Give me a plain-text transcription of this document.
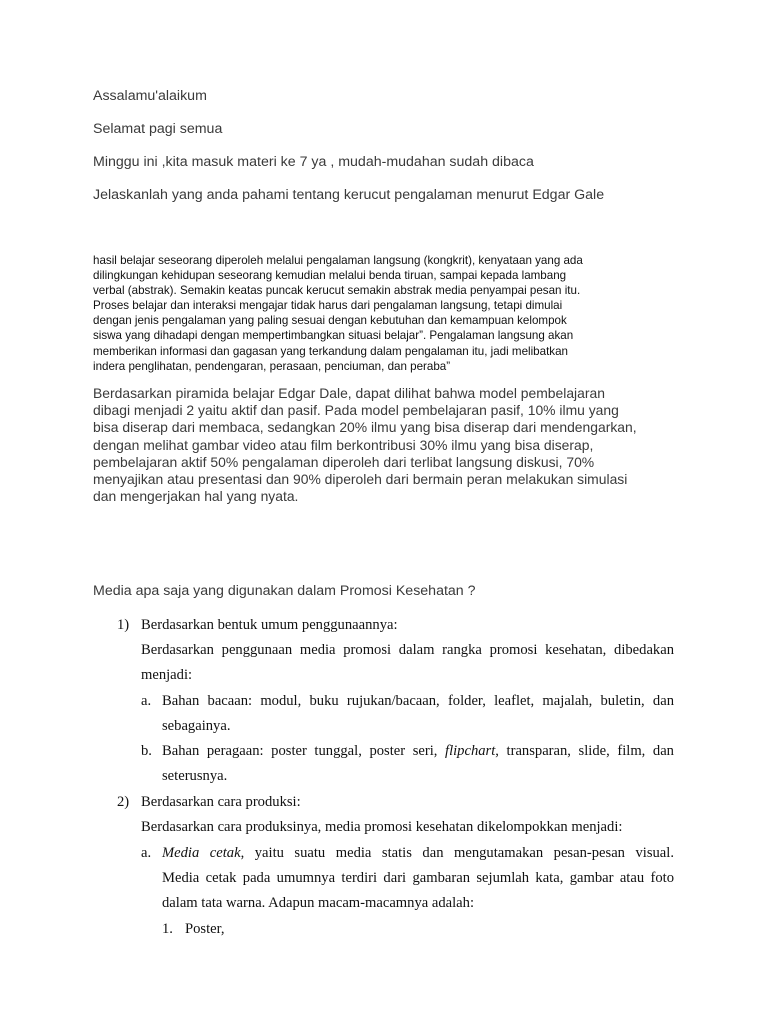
Assalamu'alaikum

Selamat pagi semua

Minggu ini ,kita masuk materi ke 7 ya , mudah-mudahan sudah dibaca

Jelaskanlah yang anda pahami tentang kerucut pengalaman menurut Edgar Gale

hasil belajar seseorang diperoleh melalui pengalaman langsung (kongkrit), kenyataan yang ada
dilingkungan kehidupan seseorang kemudian melalui benda tiruan, sampai kepada lambang
verbal (abstrak). Semakin keatas puncak kerucut semakin abstrak media penyampai pesan itu.
Proses belajar dan interaksi mengajar tidak harus dari pengalaman langsung, tetapi dimulai
dengan jenis pengalaman yang paling sesuai dengan kebutuhan dan kemampuan kelompok
siswa yang dihadapi dengan mempertimbangkan situasi belajar”. Pengalaman langsung akan
memberikan informasi dan gagasan yang terkandung dalam pengalaman itu, jadi melibatkan
indera penglihatan, pendengaran, perasaan, penciuman, dan peraba”
Berdasarkan piramida belajar Edgar Dale, dapat dilihat bahwa model pembelajaran
dibagi menjadi 2 yaitu aktif dan pasif. Pada model pembelajaran pasif, 10% ilmu yang
bisa diserap dari membaca, sedangkan 20% ilmu yang bisa diserap dari mendengarkan,
dengan melihat gambar video atau film berkontribusi 30% ilmu yang bisa diserap,
pembelajaran aktif 50% pengalaman diperoleh dari terlibat langsung diskusi, 70%
menyajikan atau presentasi dan 90% diperoleh dari bermain peran melakukan simulasi
dan mengerjakan hal yang nyata.

Media apa saja yang digunakan dalam Promosi Kesehatan ?

1) Berdasarkan bentuk umum penggunaannya:
Berdasarkan penggunaan media promosi dalam rangka promosi kesehatan, dibedakan
menjadi:
a. Bahan bacaan: modul, buku rujukan/bacaan, folder, leaflet, majalah, buletin, dan
sebagainya.
b. Bahan peragaan: poster tunggal, poster seri, flipchart, transparan, slide, film, dan
seterusnya.
2) Berdasarkan cara produksi:
Berdasarkan cara produksinya, media promosi kesehatan dikelompokkan menjadi:
a. Media cetak, yaitu suatu media statis dan mengutamakan pesan-pesan visual.
Media cetak pada umumnya terdiri dari gambaran sejumlah kata, gambar atau foto
dalam tata warna. Adapun macam-macamnya adalah:
1. Poster,
